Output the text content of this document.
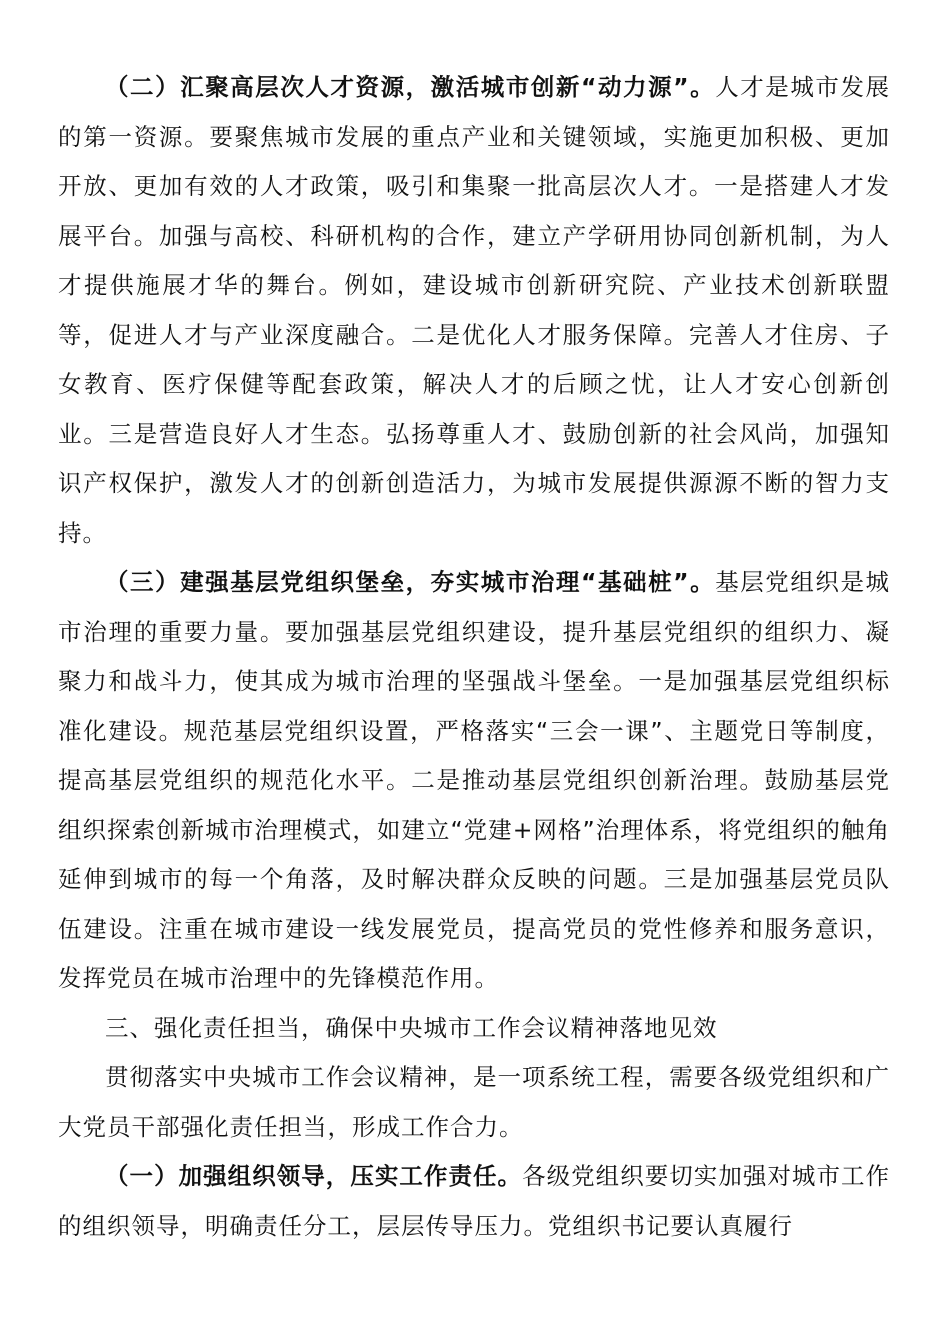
（二）汇聚高层次人才资源，激活城市创新“动力源”。人才是城市发展的第一资源。要聚焦城市发展的重点产业和关键领域，实施更加积极、更加开放、更加有效的人才政策，吸引和集聚一批高层次人才。一是搭建人才发展平台。加强与高校、科研机构的合作，建立产学研用协同创新机制，为人才提供施展才华的舞台。例如，建设城市创新研究院、产业技术创新联盟等，促进人才与产业深度融合。二是优化人才服务保障。完善人才住房、子女教育、医疗保健等配套政策，解决人才的后顾之忧，让人才安心创新创业。三是营造良好人才生态。弘扬尊重人才、鼓励创新的社会风尚，加强知识产权保护，激发人才的创新创造活力，为城市发展提供源源不断的智力支持。

（三）建强基层党组织堡垒，夯实城市治理“基础桩”。基层党组织是城市治理的重要力量。要加强基层党组织建设，提升基层党组织的组织力、凝聚力和战斗力，使其成为城市治理的坚强战斗堡垒。一是加强基层党组织标准化建设。规范基层党组织设置，严格落实“三会一课”、主题党日等制度，提高基层党组织的规范化水平。二是推动基层党组织创新治理。鼓励基层党组织探索创新城市治理模式，如建立“党建+网格”治理体系，将党组织的触角延伸到城市的每一个角落，及时解决群众反映的问题。三是加强基层党员队伍建设。注重在城市建设一线发展党员，提高党员的党性修养和服务意识，发挥党员在城市治理中的先锋模范作用。

三、强化责任担当，确保中央城市工作会议精神落地见效

贯彻落实中央城市工作会议精神，是一项系统工程，需要各级党组织和广大党员干部强化责任担当，形成工作合力。

（一）加强组织领导，压实工作责任。各级党组织要切实加强对城市工作的组织领导，明确责任分工，层层传导压力。党组织书记要认真履行
